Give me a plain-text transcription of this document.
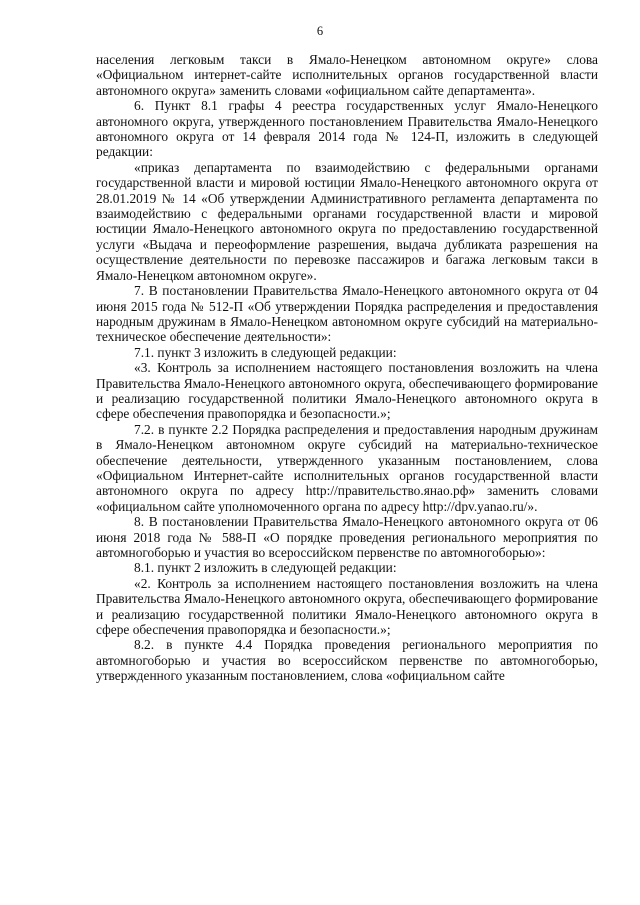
6

населения легковым такси в Ямало-Ненецком автономном округе» слова «Официальном интернет-сайте исполнительных органов государственной власти автономного округа» заменить словами «официальном сайте департамента».

6. Пункт 8.1 графы 4 реестра государственных услуг Ямало-Ненецкого автономного округа, утвержденного постановлением Правительства Ямало-Ненецкого автономного округа от 14 февраля 2014 года № 124-П, изложить в следующей редакции:

«приказ департамента по взаимодействию с федеральными органами государственной власти и мировой юстиции Ямало-Ненецкого автономного округа от 28.01.2019 № 14 «Об утверждении Административного регламента департамента по взаимодействию с федеральными органами государственной власти и мировой юстиции Ямало-Ненецкого автономного округа по предоставлению государственной услуги «Выдача и переоформление разрешения, выдача дубликата разрешения на осуществление деятельности по перевозке пассажиров и багажа легковым такси в Ямало-Ненецком автономном округе».

7. В постановлении Правительства Ямало-Ненецкого автономного округа от 04 июня 2015 года № 512-П «Об утверждении Порядка распределения и предоставления народным дружинам в Ямало-Ненецком автономном округе субсидий на материально-техническое обеспечение деятельности»:

7.1. пункт 3 изложить в следующей редакции:

«3. Контроль за исполнением настоящего постановления возложить на члена Правительства Ямало-Ненецкого автономного округа, обеспечивающего формирование и реализацию государственной политики Ямало-Ненецкого автономного округа в сфере обеспечения правопорядка и безопасности.»;

7.2. в пункте 2.2 Порядка распределения и предоставления народным дружинам в Ямало-Ненецком автономном округе субсидий на материально-техническое обеспечение деятельности, утвержденного указанным постановлением, слова «Официальном Интернет-сайте исполнительных органов государственной власти автономного округа по адресу http://правительство.янао.рф» заменить словами «официальном сайте уполномоченного органа по адресу http://dpv.yanao.ru/».

8. В постановлении Правительства Ямало-Ненецкого автономного округа от 06 июня 2018 года № 588-П «О порядке проведения регионального мероприятия по автомногоборью и участия во всероссийском первенстве по автомногоборью»:

8.1. пункт 2 изложить в следующей редакции:

«2. Контроль за исполнением настоящего постановления возложить на члена Правительства Ямало-Ненецкого автономного округа, обеспечивающего формирование и реализацию государственной политики Ямало-Ненецкого автономного округа в сфере обеспечения правопорядка и безопасности.»;

8.2. в пункте 4.4 Порядка проведения регионального мероприятия по автомногоборью и участия во всероссийском первенстве по автомногоборью, утвержденного указанным постановлением, слова «официальном сайте
